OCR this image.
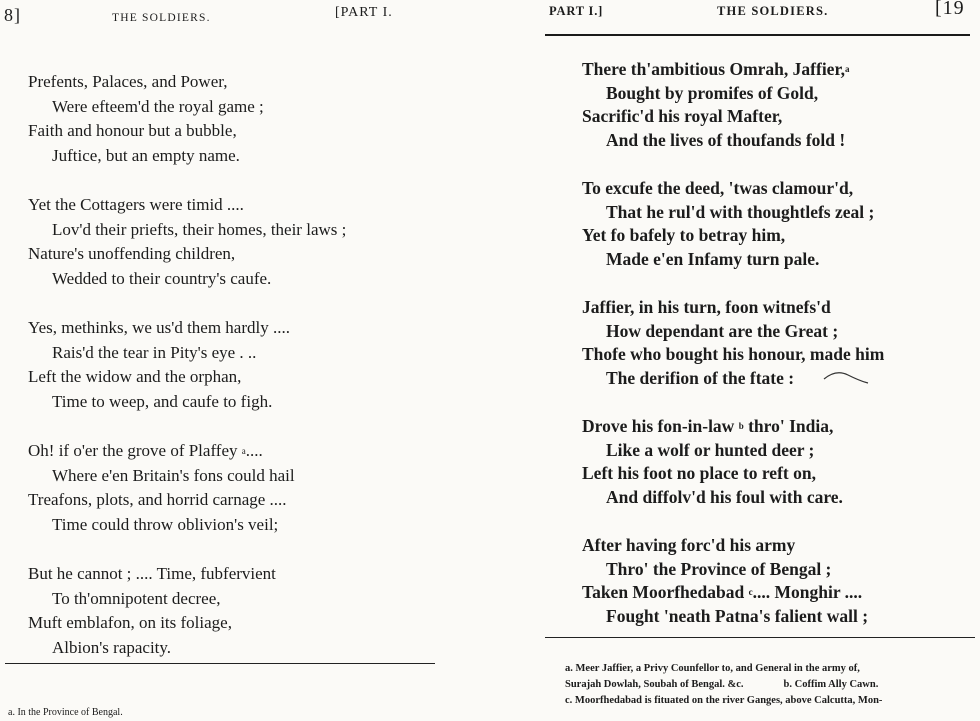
8]	THE SOLDIERS.	[PART I.
Prefents, Palaces, and Power,
Were efteem'd the royal game ;
Faith and honour but a bubble,
Juftice, but an empty name.
Yet the Cottagers were timid ....
Lov'd their priefts, their homes, their laws ;
Nature's unoffending children,
Wedded to their country's caufe.
Yes, methinks, we us'd them hardly ....
Rais'd the tear in Pity's eye . ..
Left the widow and the orphan,
Time to weep, and caufe to figh.
Oh! if o'er the grove of Plaffey $^a$....
Where e'en Britain's fons could hail
Treafons, plots, and horrid carnage ....
Time could throw oblivion's veil;
But he cannot ; .... Time, fubfervient
To th'omnipotent decree,
Muft emblafon, on its foliage,
Albion's rapacity.
a. In the Province of Bengal.
PART I.]	THE SOLDIERS.	[19
There th'ambitious Omrah, Jaffier,$^a$
Bought by promifes of Gold,
Sacrific'd his royal Mafter,
And the lives of thoufands fold !
To excufe the deed, 'twas clamour'd,
That he rul'd with thoughtlefs zeal ;
Yet fo bafely to betray him,
Made e'en Infamy turn pale.
Jaffier, in his turn, foon witnefs'd
How dependant are the Great ;
Thofe who bought his honour, made him
The derifion of the ftate :
Drove his fon-in-law $^b$ thro' India,
Like a wolf or hunted deer ;
Left his foot no place to reft on,
And diffolv'd his foul with care.
After having forc'd his army
Thro' the Province of Bengal ;
Taken Moorfhedabad $^c$.... Monghir ....
Fought 'neath Patna's falient wall ;
a. Meer Jaffier, a Privy Counfellor to, and General in the army of,
Surajah Dowlah, Soubah of Bengal. &c.	b. Coffim Ally Cawn.
c. Moorfhedabad is fituated on the river Ganges, above Calcutta, Mon-
